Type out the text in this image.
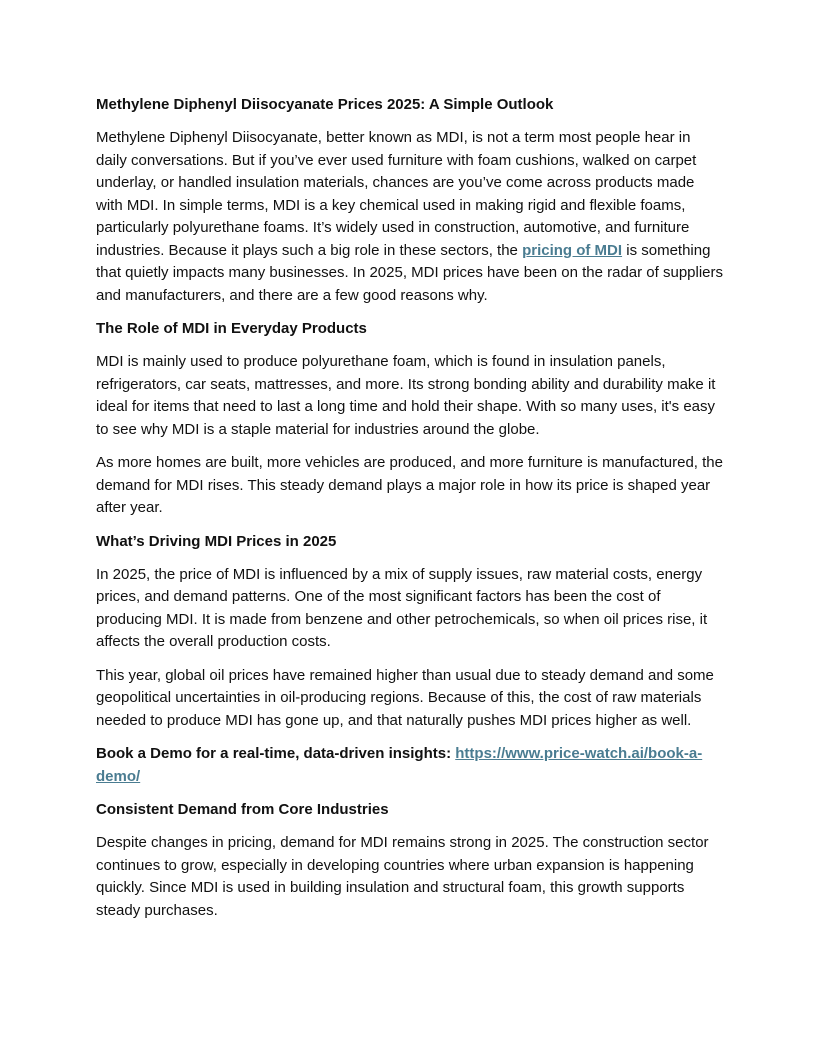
Methylene Diphenyl Diisocyanate Prices 2025: A Simple Outlook

Methylene Diphenyl Diisocyanate, better known as MDI, is not a term most people hear in daily conversations. But if you’ve ever used furniture with foam cushions, walked on carpet underlay, or handled insulation materials, chances are you’ve come across products made with MDI. In simple terms, MDI is a key chemical used in making rigid and flexible foams, particularly polyurethane foams. It’s widely used in construction, automotive, and furniture industries. Because it plays such a big role in these sectors, the pricing of MDI is something that quietly impacts many businesses. In 2025, MDI prices have been on the radar of suppliers and manufacturers, and there are a few good reasons why.

The Role of MDI in Everyday Products

MDI is mainly used to produce polyurethane foam, which is found in insulation panels, refrigerators, car seats, mattresses, and more. Its strong bonding ability and durability make it ideal for items that need to last a long time and hold their shape. With so many uses, it's easy to see why MDI is a staple material for industries around the globe.

As more homes are built, more vehicles are produced, and more furniture is manufactured, the demand for MDI rises. This steady demand plays a major role in how its price is shaped year after year.

What’s Driving MDI Prices in 2025

In 2025, the price of MDI is influenced by a mix of supply issues, raw material costs, energy prices, and demand patterns. One of the most significant factors has been the cost of producing MDI. It is made from benzene and other petrochemicals, so when oil prices rise, it affects the overall production costs.

This year, global oil prices have remained higher than usual due to steady demand and some geopolitical uncertainties in oil-producing regions. Because of this, the cost of raw materials needed to produce MDI has gone up, and that naturally pushes MDI prices higher as well.

Book a Demo for a real-time, data-driven insights: https://www.price-watch.ai/book-a-demo/

Consistent Demand from Core Industries

Despite changes in pricing, demand for MDI remains strong in 2025. The construction sector continues to grow, especially in developing countries where urban expansion is happening quickly. Since MDI is used in building insulation and structural foam, this growth supports steady purchases.
